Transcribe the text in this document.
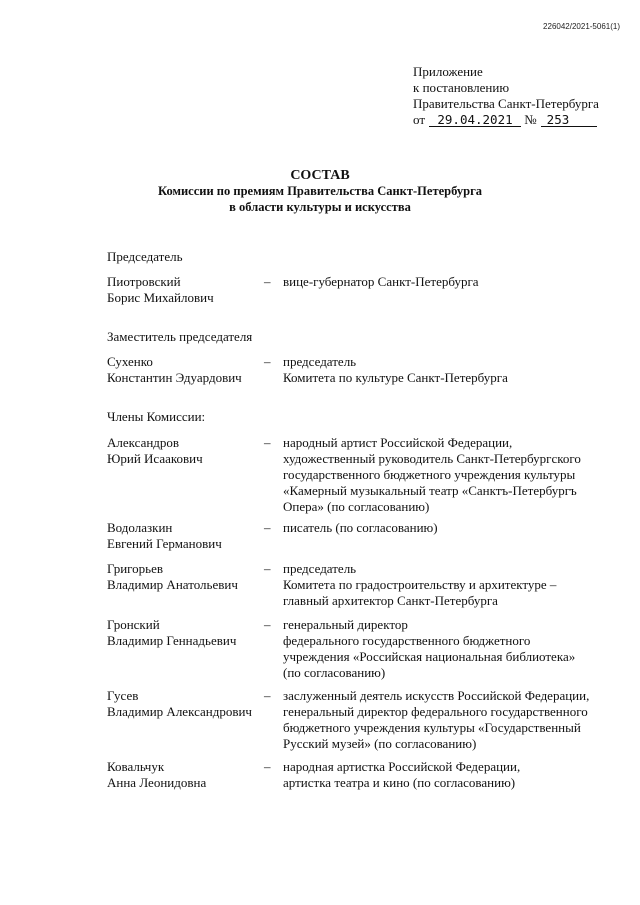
226042/2021-5061(1)
Приложение
к постановлению
Правительства Санкт-Петербурга
от 29.04.2021 № 253
СОСТАВ
Комиссии по премиям Правительства Санкт-Петербурга
в области культуры и искусства
Председатель
Пиотровский
Борис Михайлович
– вице-губернатор Санкт-Петербурга
Заместитель председателя
Сухенко
Константин Эдуардович
– председатель
Комитета по культуре Санкт-Петербурга
Члены Комиссии:
Александров
Юрий Исаакович
– народный артист Российской Федерации,
художественный руководитель Санкт-Петербургского
государственного бюджетного учреждения культуры
«Камерный музыкальный театр «Санктъ-Петербургъ
Опера» (по согласованию)
Водолазкин
Евгений Германович
– писатель (по согласованию)
Григорьев
Владимир Анатольевич
– председатель
Комитета по градостроительству и архитектуре –
главный архитектор Санкт-Петербурга
Гронский
Владимир Геннадьевич
– генеральный директор
федерального государственного бюджетного
учреждения «Российская национальная библиотека»
(по согласованию)
Гусев
Владимир Александрович
– заслуженный деятель искусств Российской Федерации,
генеральный директор федерального государственного
бюджетного учреждения культуры «Государственный
Русский музей» (по согласованию)
Ковальчук
Анна Леонидовна
– народная артистка Российской Федерации,
артистка театра и кино (по согласованию)
